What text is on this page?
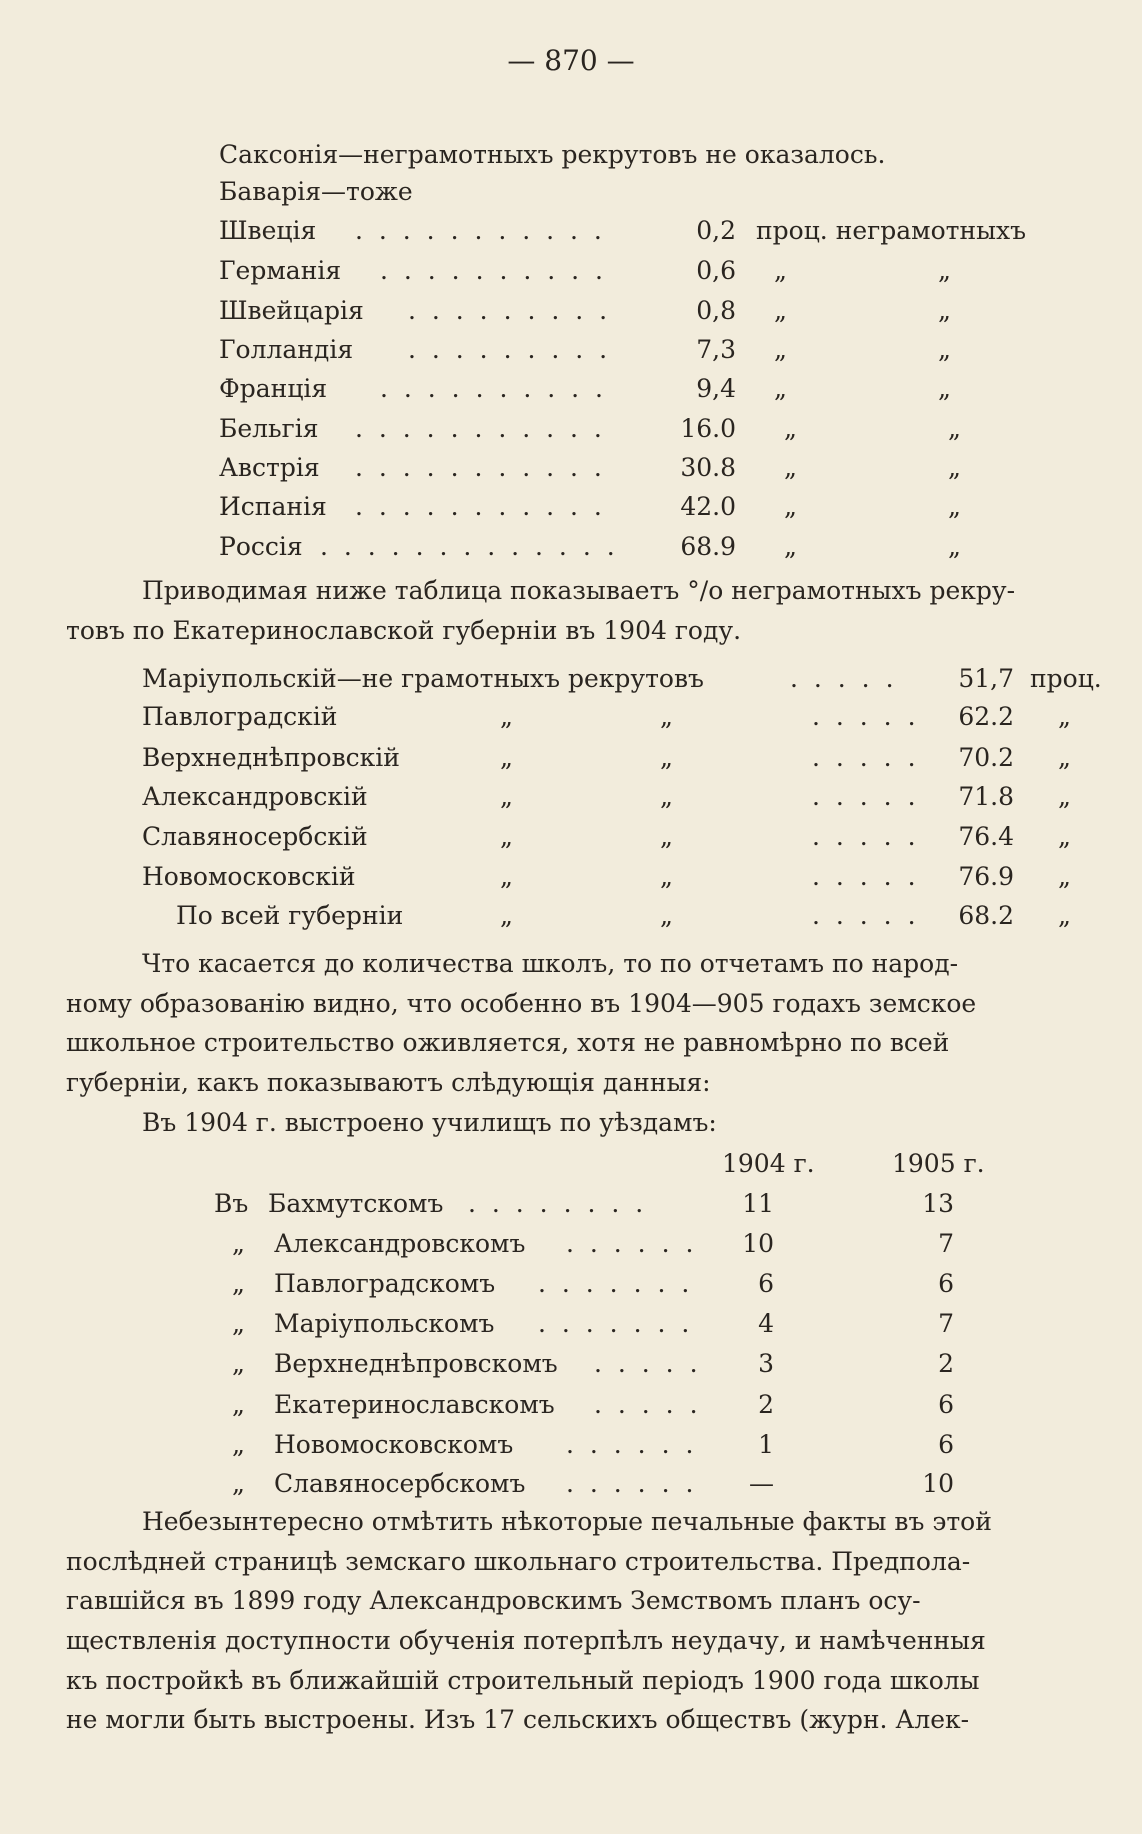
— 870 —
Саксонія—неграмотныхъ рекрутовъ не оказалось.
Баварія—тоже
Швеція . . . . . . . . . . .	0,2 проц. неграмотныхъ
Германія . . . . . . . . . .	0,6 „	„
Швейцарія . . . . . . . . .	0,8 „	„
Голландія . . . . . . . . .	7,3 „	„
Франція . . . . . . . . . .	9,4 „	„
Бельгія . . . . . . . . . . .	16.0 „	„
Австрія . . . . . . . . . . .	30.8 „	„
Испанія . . . . . . . . . . .	42.0 „	„
Россія . . . . . . . . . . . . .	68.9 „	„
Приводимая ниже таблица показываетъ °/о неграмотныхъ рекру-
товъ по Екатеринославской губерніи въ 1904 году.
Маріупольскій—не грамотныхъ рекрутовъ	. . . . .	51,7 проц.
Павлоградскій	„	„	. . . . .	62.2 „
Верхнеднѣпровскій	„	„	. . . . .	70.2 „
Александровскій	„	„	. . . . .	71.8 „
Славяносербскій	„	„	. . . . .	76.4 „
Новомосковскій	„	„	. . . . .	76.9 „
По всей губерніи	„	„	. . . . .	68.2 „
Что касается до количества школъ, то по отчетамъ по народ-
ному образованію видно, что особенно въ 1904—905 годахъ земское
школьное строительство оживляется, хотя не равномѣрно по всей
губерніи, какъ показываютъ слѣдующія данныя:
Въ 1904 г. выстроено училищъ по уѣздамъ:
1904 г.	1905 г.
Въ Бахмутскомъ . . . . . . . .	11	13
„ Александровскомъ . . . . . .	10	7
„ Павлоградскомъ . . . . . . .	6	6
„ Маріупольскомъ . . . . . . .	4	7
„ Верхнеднѣпровскомъ . . . . .	3	2
„ Екатеринославскомъ . . . . .	2	6
„ Новомосковскомъ . . . . . .	1	6
„ Славяносербскомъ . . . . . .	—	10
Небезынтересно отмѣтить нѣкоторые печальные факты въ этой
послѣдней страницѣ земскаго школьнаго строительства. Предпола-
гавшійся въ 1899 году Александровскимъ Земствомъ планъ осу-
ществленія доступности обученія потерпѣлъ неудачу, и намѣченныя
къ постройкѣ въ ближайшій строительный періодъ 1900 года школы
не могли быть выстроены. Изъ 17 сельскихъ обществъ (журн. Алек-
